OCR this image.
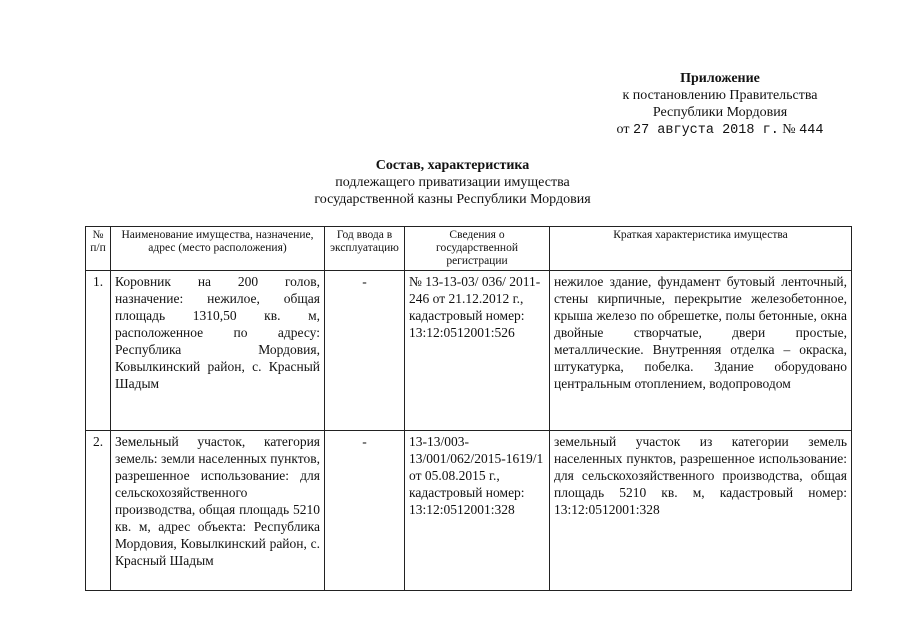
Приложение
к постановлению Правительства
Республики Мордовия
от 27 августа 2018 г. № 444
Состав, характеристика
подлежащего приватизации имущества
государственной казны Республики Мордовия
№ п/п	Наименование имущества, назначение, адрес (место расположения)	Год ввода в эксплуатацию	Сведения о государственной регистрации	Краткая характеристика имущества
1.	Коровник на 200 голов, назначение: нежилое, общая площадь 1310,50 кв. м, расположенное по адресу: Республика Мордовия, Ковылкинский район, с. Красный Шадым	-	№ 13-13-03/ 036/ 2011-246 от 21.12.2012 г., кадастровый номер: 13:12:0512001:526	нежилое здание, фундамент бутовый ленточный, стены кирпичные, перекрытие железобетонное, крыша железо по обрешетке, полы бетонные, окна двойные створчатые, двери простые, металлические. Внутренняя отделка – окраска, штукатурка, побелка. Здание оборудовано центральным отоплением, водопроводом
2.	Земельный участок, категория земель: земли населенных пунктов, разрешенное использование: для сельскохозяйственного производства, общая площадь 5210 кв. м, адрес объекта: Республика Мордовия, Ковылкинский район, с. Красный Шадым	-	13-13/003-13/001/062/2015-1619/1 от 05.08.2015 г., кадастровый номер: 13:12:0512001:328	земельный участок из категории земель населенных пунктов, разрешенное использование: для сельскохозяйственного производства, общая площадь 5210 кв. м, кадастровый номер: 13:12:0512001:328
